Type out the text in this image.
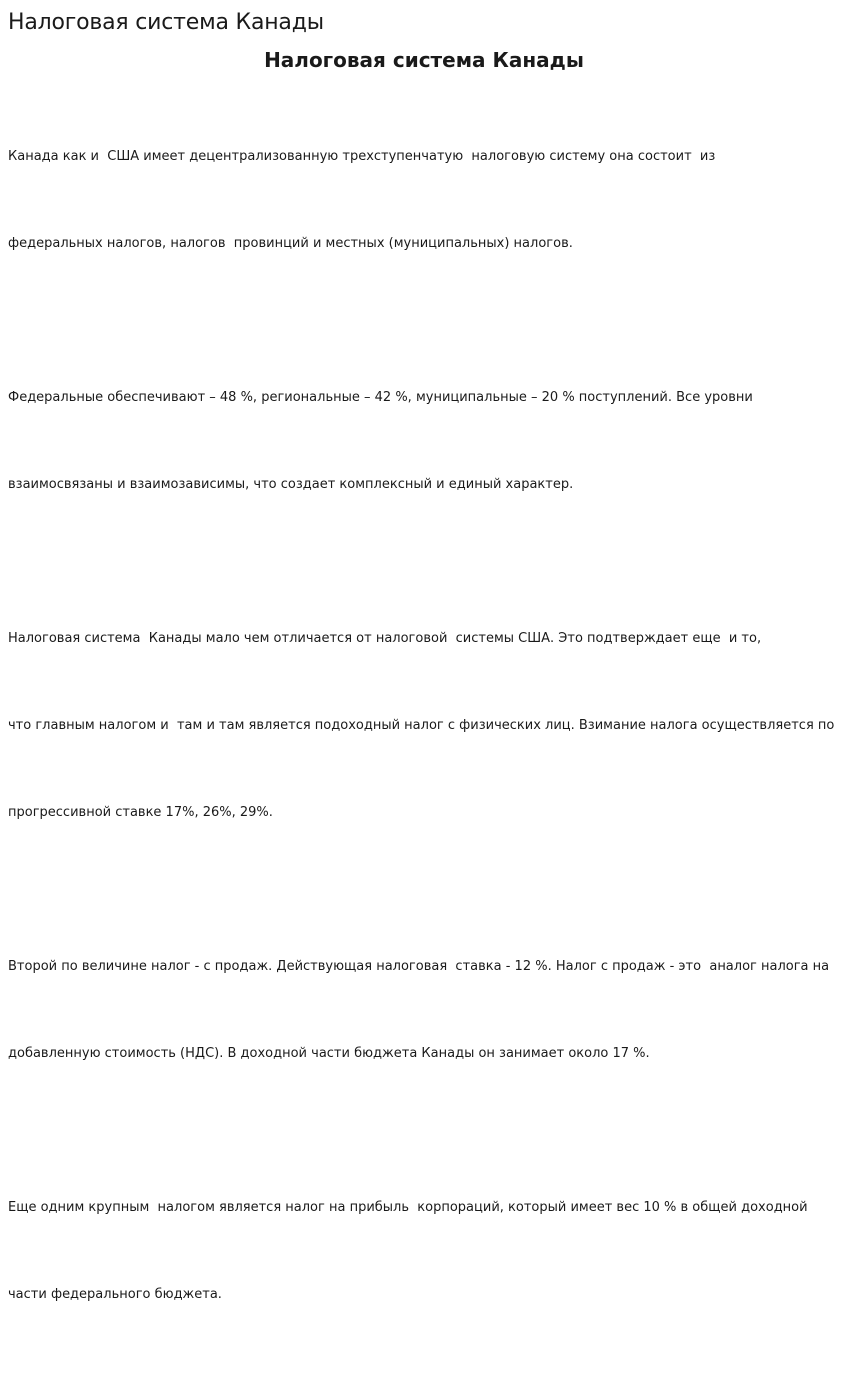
Налоговая система Канады
Налоговая система Канады

Канада как и  США имеет децентрализованную трехступенчатую  налоговую систему она состоит  из

федеральных налогов, налогов  провинций и местных (муниципальных) налогов.

Федеральные обеспечивают – 48 %, региональные – 42 %, муниципальные – 20 % поступлений. Все уровни

взаимосвязаны и взаимозависимы, что создает комплексный и единый характер.

Налоговая система  Канады мало чем отличается от налоговой  системы США. Это подтверждает еще  и то,

что главным налогом и  там и там является подоходный налог с физических лиц. Взимание налога осуществляется по

прогрессивной ставке 17%, 26%, 29%.

Второй по величине налог - с продаж. Действующая налоговая  ставка - 12 %. Налог с продаж - это  аналог налога на

добавленную стоимость (НДС). В доходной части бюджета Канады он занимает около 17 %.

Еще одним крупным  налогом является налог на прибыль  корпораций, который имеет вес 10 % в общей доходной

части федерального бюджета.
